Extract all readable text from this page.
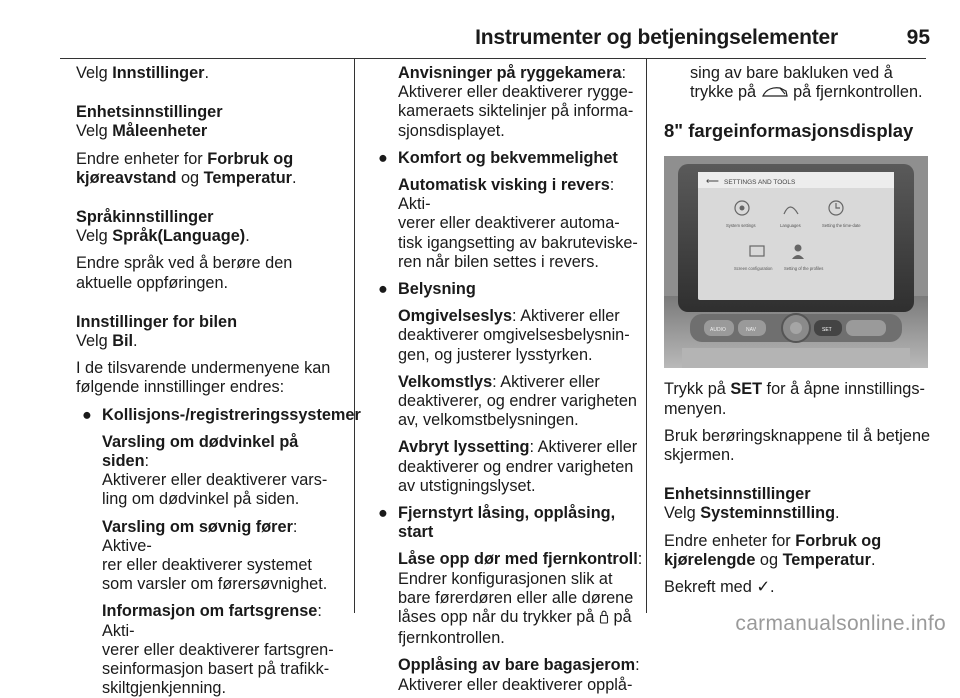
Instrumenter og betjeningselementer	95

Velg Innstillinger.

Enhetsinnstillinger

Velg Måleenheter

Endre enheter for Forbruk og
kjøreavstand og Temperatur.

Språkinnstillinger

Velg Språk(Language).

Endre språk ved å berøre den
aktuelle oppføringen.

Innstillinger for bilen

Velg Bil.

I de tilsvarende undermenyene kan
følgende innstillinger endres:

● Kollisjons-/registreringssystemer

Varsling om dødvinkel på siden:
Aktiverer eller deaktiverer vars-
ling om dødvinkel på siden.

Varsling om søvnig fører: Aktive-
rer eller deaktiverer systemet
som varsler om førersøvnighet.

Informasjon om fartsgrense: Akti-
verer eller deaktiverer fartsgren-
seinformasjon basert på trafikk-
skiltgjenkjenning.

Anvisninger på ryggekamera:
Aktiverer eller deaktiverer rygge-
kameraets siktelinjer på informa-
sjonsdisplayet.

● Komfort og bekvemmelighet

Automatisk visking i revers: Akti-
verer eller deaktiverer automa-
tisk igangsetting av bakruteviske-
ren når bilen settes i revers.

● Belysning

Omgivelseslys: Aktiverer eller
deaktiverer omgivelsesbelysnin-
gen, og justerer lysstyrken.

Velkomstlys: Aktiverer eller
deaktiverer, og endrer varigheten
av, velkomstbelysningen.

Avbryt lyssetting: Aktiverer eller
deaktiverer og endrer varigheten
av utstigningslyset.

● Fjernstyrt låsing, opplåsing, start

Låse opp dør med fjernkontroll:
Endrer konfigurasjonen slik at
bare førerdøren eller alle dørene
låses opp når du trykker på  på
fjernkontrollen.

Opplåsing av bare bagasjerom:
Aktiverer eller deaktiverer opplå-

sing av bare bakluken ved å
trykke på  på fjernkontrollen.

8" fargeinformasjonsdisplay

⟵ SETTINGS AND TOOLS
System settings	Languages	Setting the time-date
Screen configuration	Setting of the profiles
AUDIO	NAV	SET

Trykk på SET for å åpne innstillings-
menyen.

Bruk berøringsknappene til å betjene
skjermen.

Enhetsinnstillinger

Velg Systeminnstilling.

Endre enheter for Forbruk og
kjørelengde og Temperatur.

Bekreft med ✓.

carmanualsonline.info
